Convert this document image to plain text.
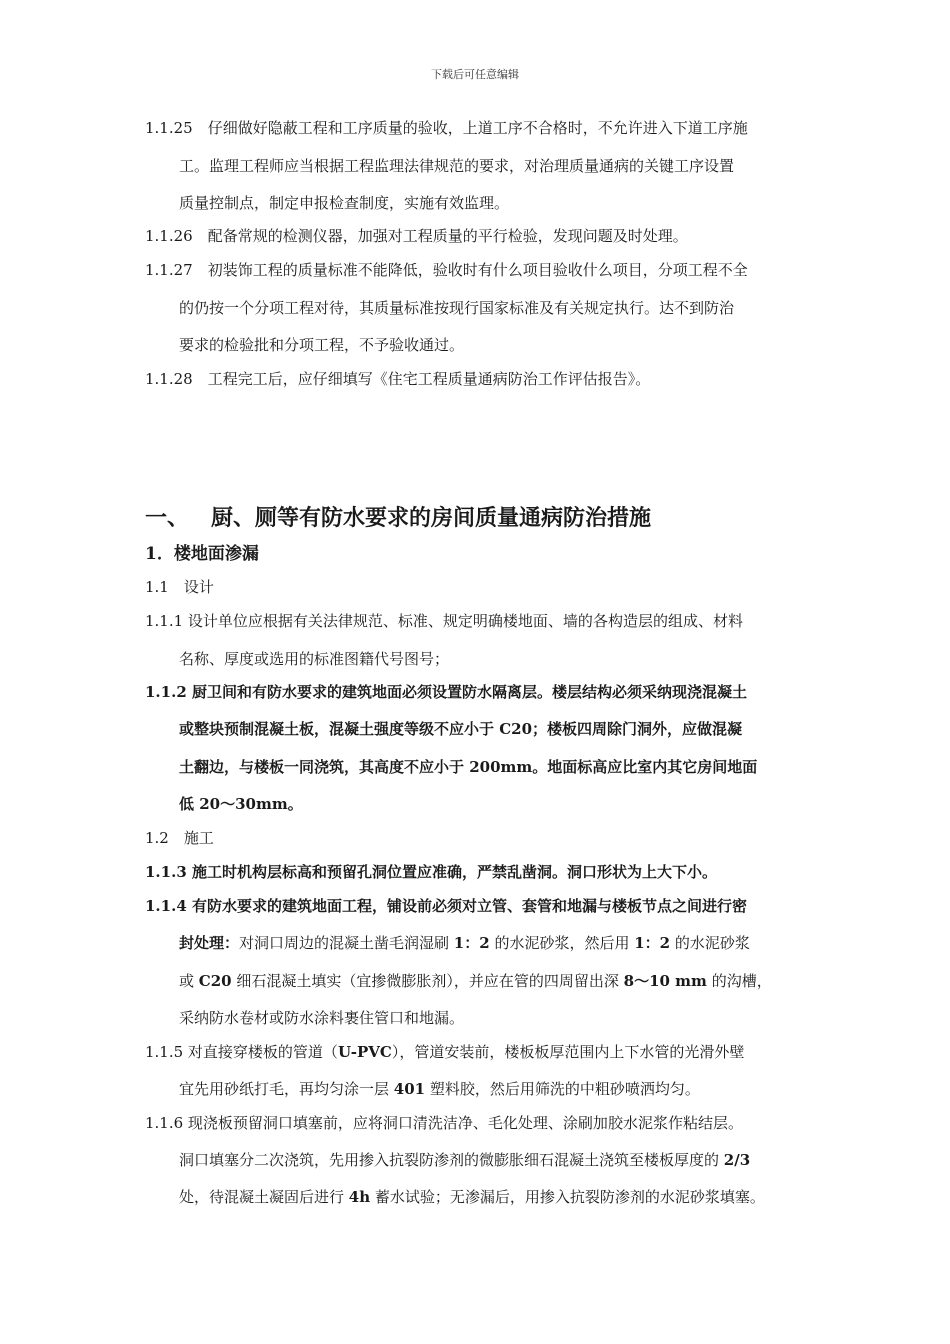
下载后可任意编辑
1.1.25　仔细做好隐蔽工程和工序质量的验收，上道工序不合格时，不允许进入下道工序施
工。监理工程师应当根据工程监理法律规范的要求，对治理质量通病的关键工序设置
质量控制点，制定申报检查制度，实施有效监理。
1.1.26　配备常规的检测仪器，加强对工程质量的平行检验，发现问题及时处理。
1.1.27　初装饰工程的质量标准不能降低，验收时有什么项目验收什么项目，分项工程不全
的仍按一个分项工程对待，其质量标准按现行国家标准及有关规定执行。达不到防治
要求的检验批和分项工程，不予验收通过。
1.1.28　工程完工后，应仔细填写《住宅工程质量通病防治工作评估报告》。
一、 厨、厕等有防水要求的房间质量通病防治措施
1．楼地面渗漏
1.1　设计
1.1.1 设计单位应根据有关法律规范、标准、规定明确楼地面、墙的各构造层的组成、材料
名称、厚度或选用的标准图籍代号图号；
1.1.2 厨卫间和有防水要求的建筑地面必须设置防水隔离层。楼层结构必须采纳现浇混凝土
或整块预制混凝土板，混凝土强度等级不应小于 C20；楼板四周除门洞外，应做混凝
土翻边，与楼板一同浇筑，其高度不应小于 200mm。地面标高应比室内其它房间地面
低 20～30mm。
1.2　施工
1.1.3 施工时机构层标高和预留孔洞位置应准确，严禁乱凿洞。洞口形状为上大下小。
1.1.4 有防水要求的建筑地面工程，铺设前必须对立管、套管和地漏与楼板节点之间进行密
封处理：对洞口周边的混凝土凿毛润湿刷 1：2 的水泥砂浆，然后用 1：2 的水泥砂浆
或 C20 细石混凝土填实（宜掺微膨胀剂），并应在管的四周留出深 8～10 mm 的沟槽，
采纳防水卷材或防水涂料裹住管口和地漏。
1.1.5 对直接穿楼板的管道（U-PVC），管道安装前，楼板板厚范围内上下水管的光滑外壁
宜先用砂纸打毛，再均匀涂一层 401 塑料胶，然后用筛洗的中粗砂喷洒均匀。
1.1.6 现浇板预留洞口填塞前，应将洞口清洗洁净、毛化处理、涂刷加胶水泥浆作粘结层。
洞口填塞分二次浇筑，先用掺入抗裂防渗剂的微膨胀细石混凝土浇筑至楼板厚度的 2/3
处，待混凝土凝固后进行 4h 蓄水试验；无渗漏后，用掺入抗裂防渗剂的水泥砂浆填塞。
